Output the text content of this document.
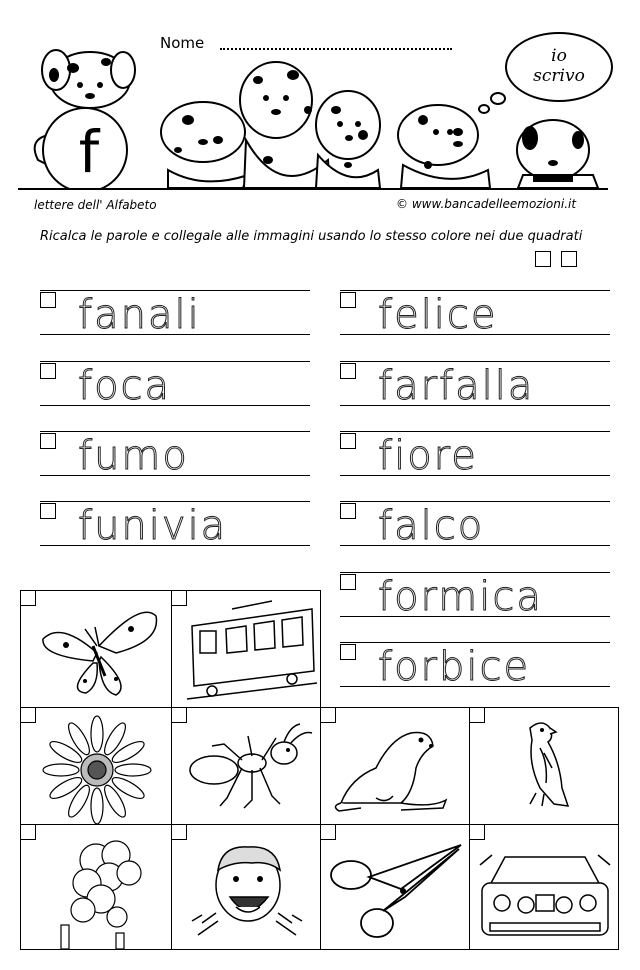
Nome
io
scrivo
f
lettere dell' Alfabeto	© www.bancadelleemozioni.it
Ricalca le parole e collegale alle immagini usando lo stesso colore nei due quadrati
fanali
foca
fumo
funivia
felice
farfalla
fiore
falco
formica
forbice
